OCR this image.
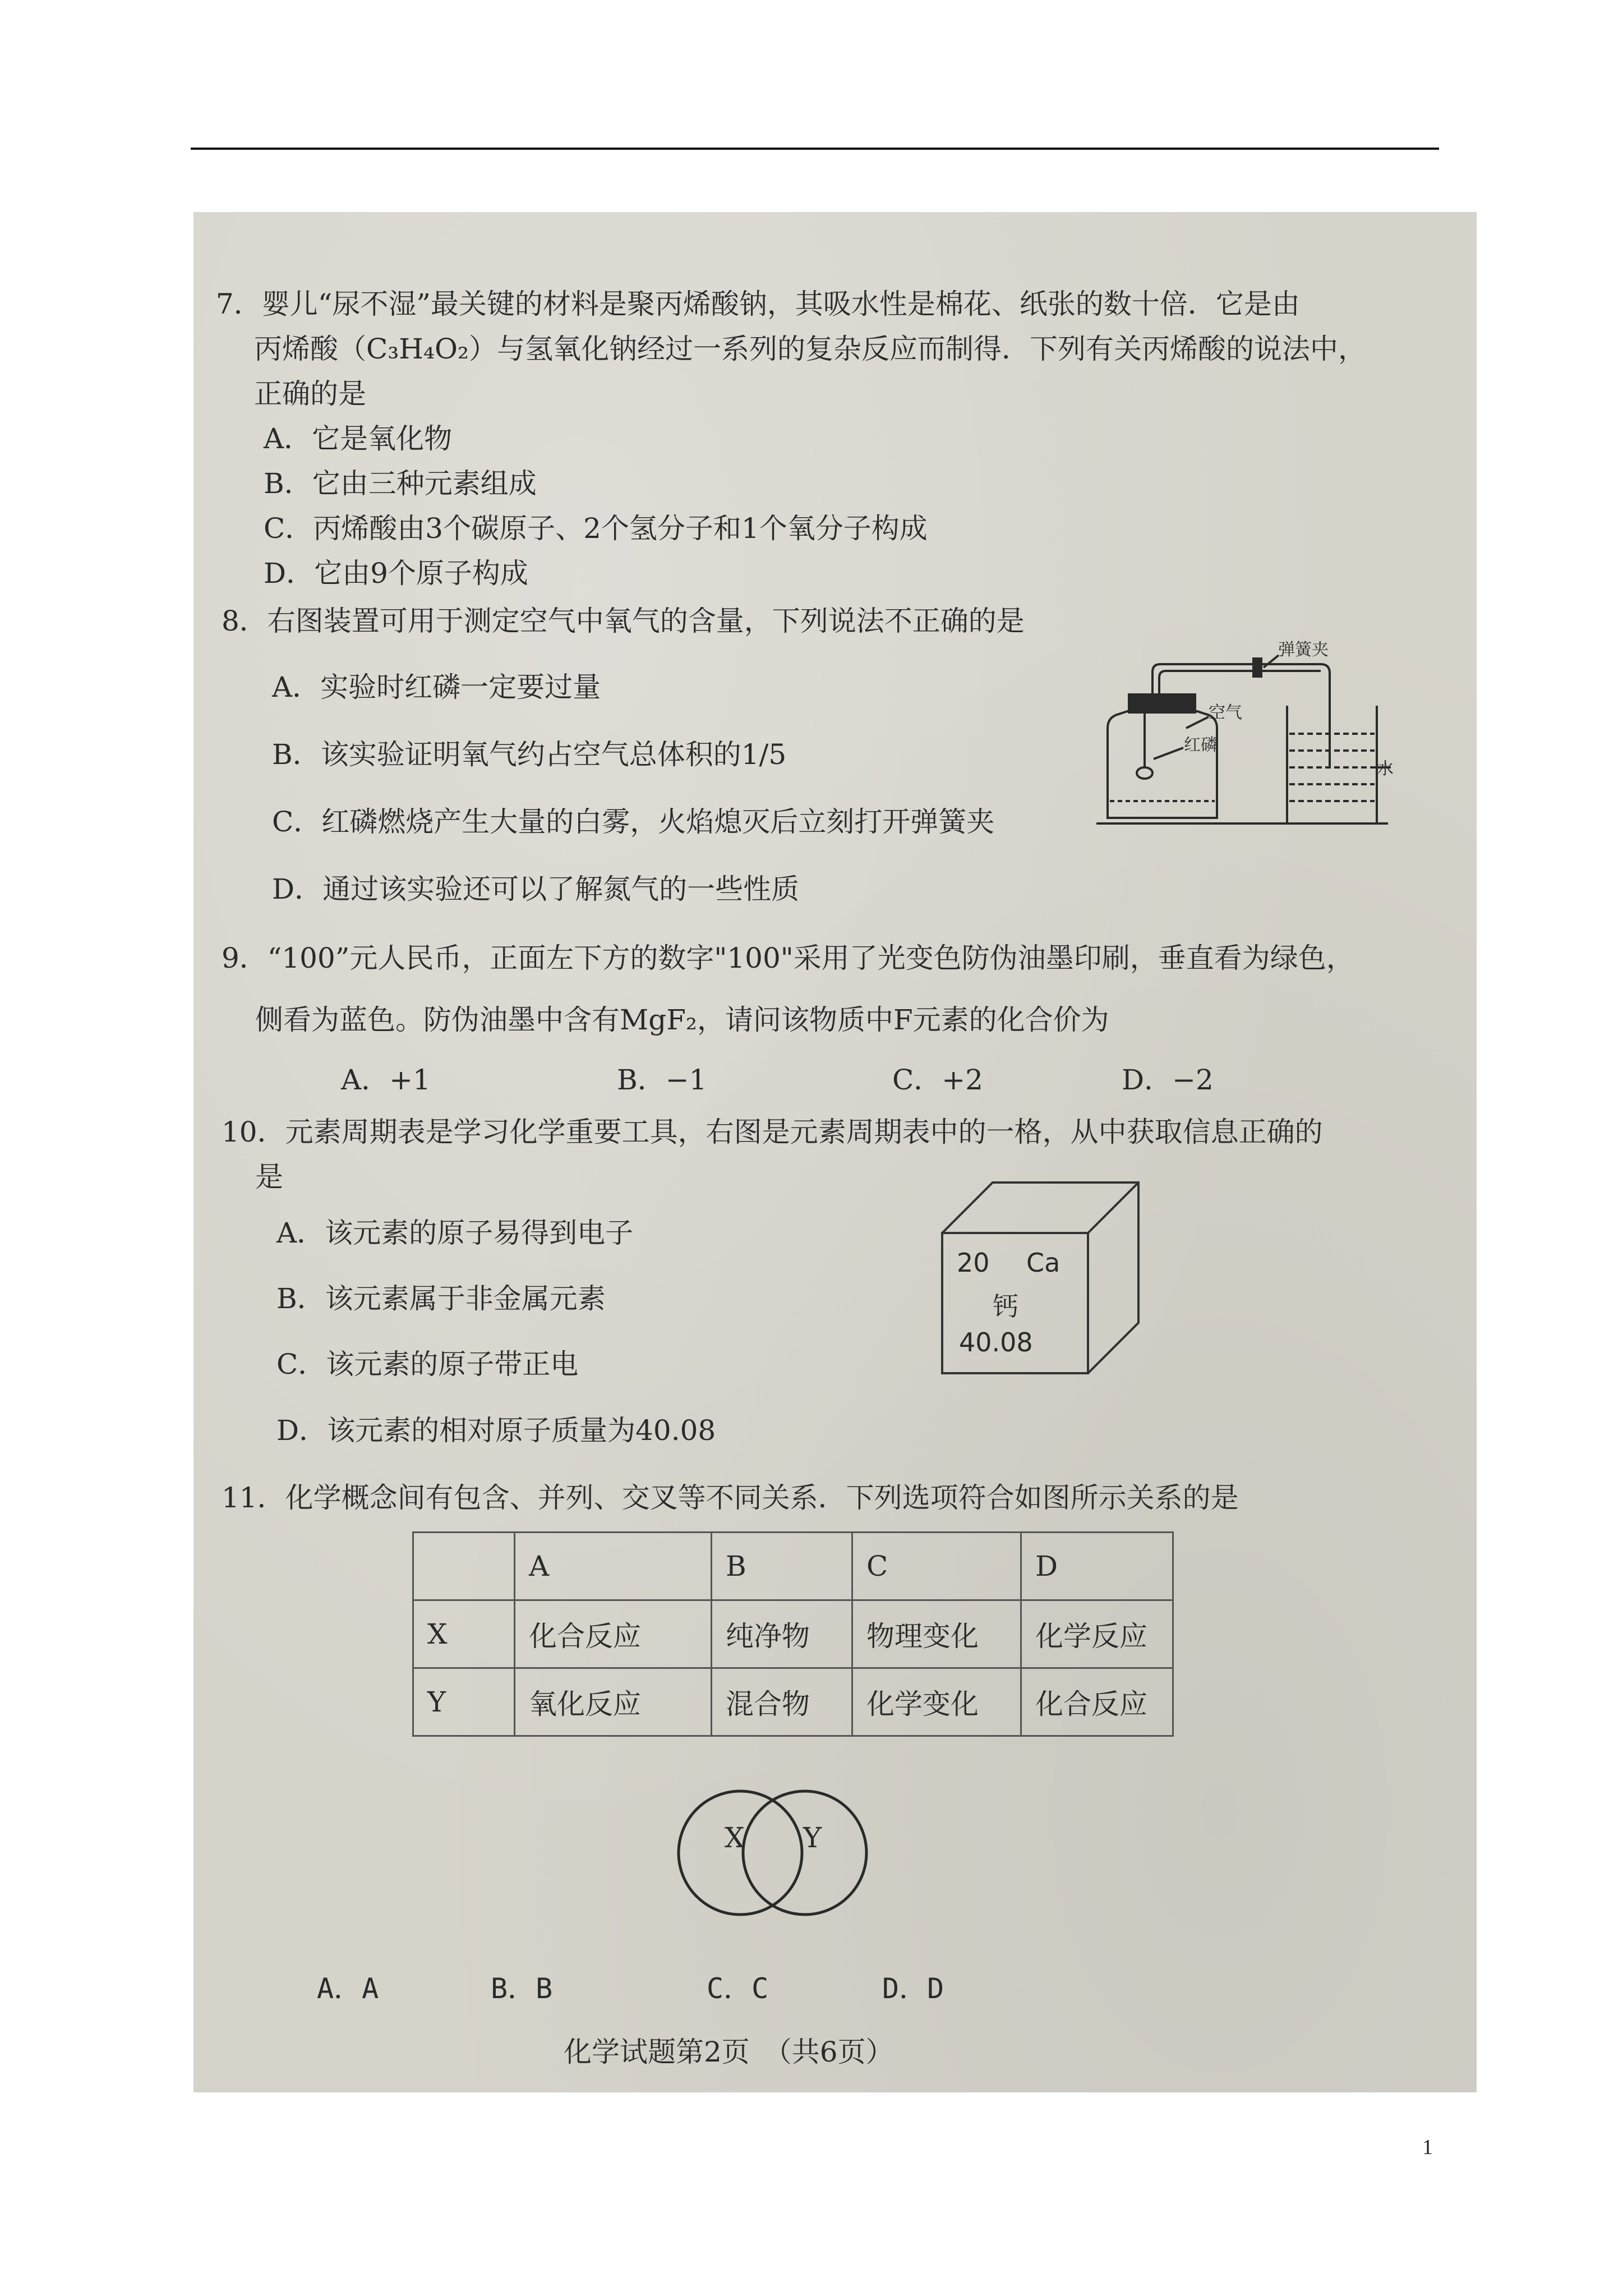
7．婴儿“尿不湿”最关键的材料是聚丙烯酸钠，其吸水性是棉花、纸张的数十倍．它是由
丙烯酸（C₃H₄O₂）与氢氧化钠经过一系列的复杂反应而制得．下列有关丙烯酸的说法中，
正确的是
A．它是氧化物
B．它由三种元素组成
C．丙烯酸由3个碳原子、2个氢分子和1个氧分子构成
D．它由9个原子构成
8．右图装置可用于测定空气中氧气的含量，下列说法不正确的是
A．实验时红磷一定要过量
B．该实验证明氧气约占空气总体积的1/5
C．红磷燃烧产生大量的白雾，火焰熄灭后立刻打开弹簧夹
D．通过该实验还可以了解氮气的一些性质
弹簧夹
空气
红磷
水
9．“100”元人民币，正面左下方的数字"100"采用了光变色防伪油墨印刷，垂直看为绿色，
侧看为蓝色。防伪油墨中含有MgF₂，请问该物质中F元素的化合价为
A．+1	B．−1	C．+2	D．−2
10．元素周期表是学习化学重要工具，右图是元素周期表中的一格，从中获取信息正确的
是
A．该元素的原子易得到电子
B．该元素属于非金属元素
C．该元素的原子带正电
D．该元素的相对原子质量为40.08
20 Ca
钙
40.08
11．化学概念间有包含、并列、交叉等不同关系．下列选项符合如图所示关系的是
	A	B	C	D
X	化合反应	纯净物	物理变化	化学反应
Y	氧化反应	混合物	化学变化	化合反应
X Y
A．A	B．B	C．C	D．D
化学试题第2页　（共6页）
1
